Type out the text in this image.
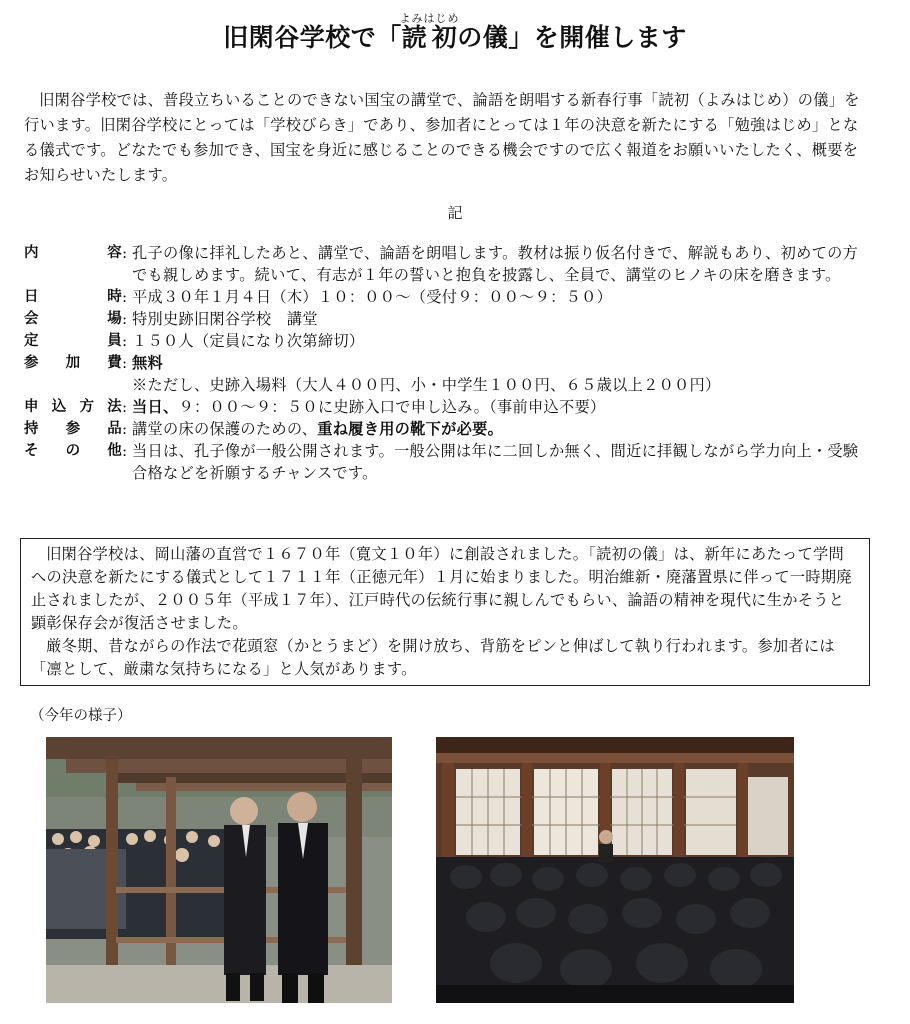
旧閑谷学校で「読初よみはじめの儀」を開催します

旧閑谷学校では、普段立ちいることのできない国宝の講堂で、論語を朗唱する新春行事「読初（よみはじめ）の儀」を行います。旧閑谷学校にとっては「学校びらき」であり、参加者にとっては１年の決意を新たにする「勉強はじめ」となる儀式です。どなたでも参加でき、国宝を身近に感じることのできる機会ですので広く報道をお願いいたしたく、概要をお知らせいたします。

記
内	容 : 孔子の像に拝礼したあと、講堂で、論語を朗唱します。教材は振り仮名付きで、解説もあり、初めての方でも親しめます。続いて、有志が１年の誓いと抱負を披露し、全員で、講堂のヒノキの床を磨きます。
日	時 : 平成３０年１月４日（木）１０：００〜（受付９：００〜９：５０）
会	場 : 特別史跡旧閑谷学校　講堂
定	員 : １５０人（定員になり次第締切）
参 加 費 : 無料
※ただし、史跡入場料（大人４００円、小・中学生１００円、６５歳以上２００円）
申 込 方 法 : 当日、９：００〜９：５０に史跡入口で申し込み。（事前申込不要）
持 参 品 : 講堂の床の保護のための、重ね履き用の靴下が必要。
そ の 他 : 当日は、孔子像が一般公開されます。一般公開は年に二回しか無く、間近に拝観しながら学力向上・受験合格などを祈願するチャンスです。

旧閑谷学校は、岡山藩の直営で１６７０年（寛文１０年）に創設されました。「読初の儀」は、新年にあたって学問への決意を新たにする儀式として１７１１年（正徳元年）１月に始まりました。明治維新・廃藩置県に伴って一時期廃止されましたが、２００５年（平成１７年）、江戸時代の伝統行事に親しんでもらい、論語の精神を現代に生かそうと顕彰保存会が復活させました。

厳冬期、昔ながらの作法で花頭窓（かとうまど）を開け放ち、背筋をピンと伸ばして執り行われます。参加者には「凛として、厳粛な気持ちになる」と人気があります。

（今年の様子）
